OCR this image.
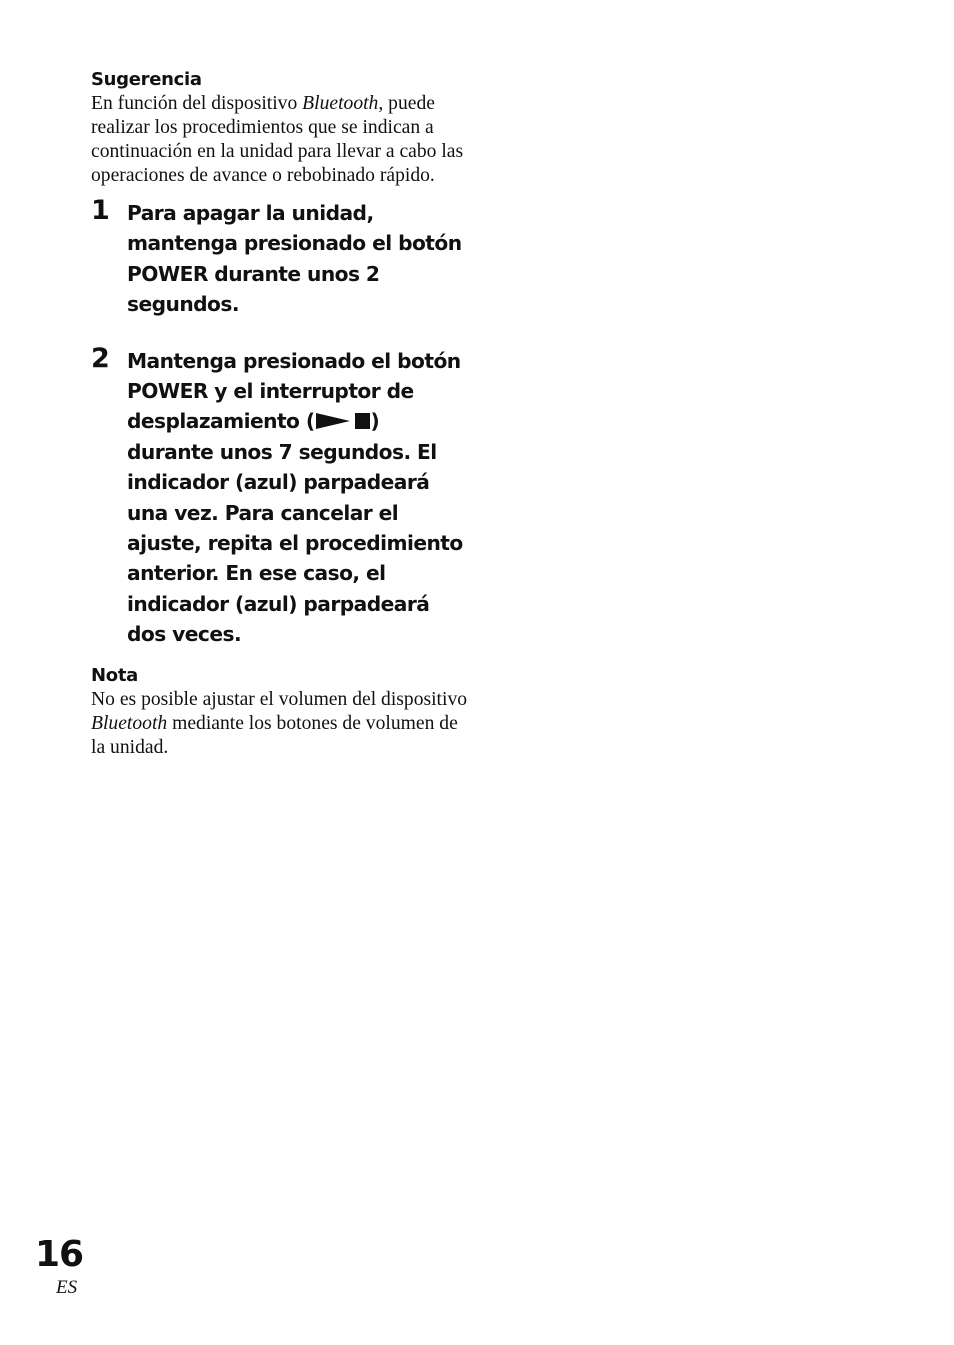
Sugerencia

En función del dispositivo Bluetooth, puede realizar los procedimientos que se indican a continuación en la unidad para llevar a cabo las operaciones de avance o rebobinado rápido.

1 Para apagar la unidad, mantenga presionado el botón POWER durante unos 2 segundos.

2 Mantenga presionado el botón POWER y el interruptor de desplazamiento (	) durante unos 7 segundos. El indicador (azul) parpadeará una vez. Para cancelar el ajuste, repita el procedimiento anterior. En ese caso, el indicador (azul) parpadeará dos veces.

Nota

No es posible ajustar el volumen del dispositivo Bluetooth mediante los botones de volumen de la unidad.

16
ES
